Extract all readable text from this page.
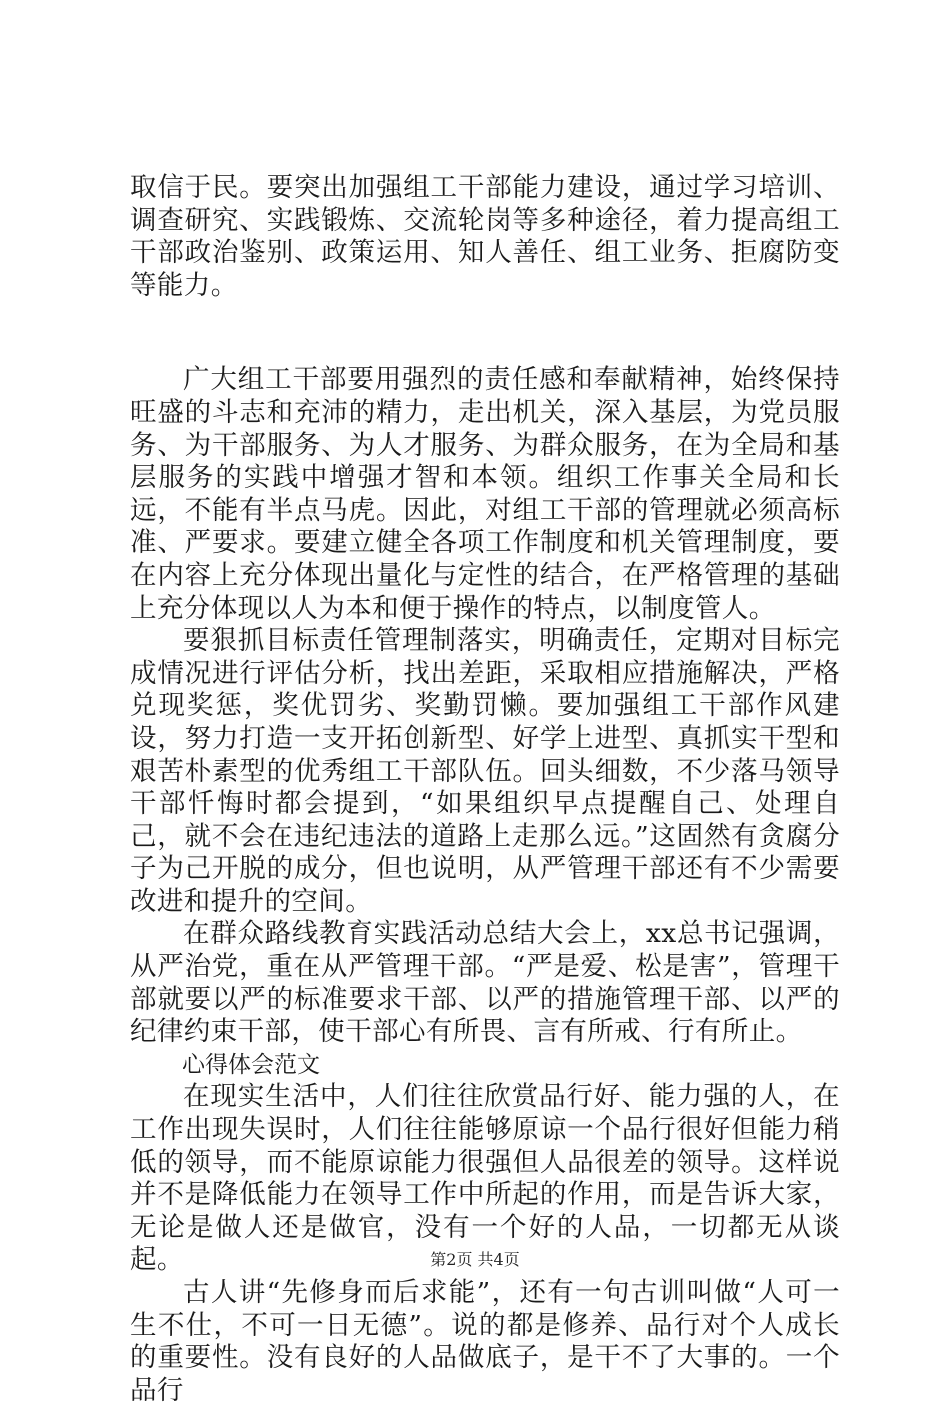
取信于民。要突出加强组工干部能力建设，通过学习培训、调查研究、实践锻炼、交流轮岗等多种途径，着力提高组工干部政治鉴别、政策运用、知人善任、组工业务、拒腐防变等能力。

广大组工干部要用强烈的责任感和奉献精神，始终保持旺盛的斗志和充沛的精力，走出机关，深入基层，为党员服务、为干部服务、为人才服务、为群众服务，在为全局和基层服务的实践中增强才智和本领。组织工作事关全局和长远，不能有半点马虎。因此，对组工干部的管理就必须高标准、严要求。要建立健全各项工作制度和机关管理制度，要在内容上充分体现出量化与定性的结合，在严格管理的基础上充分体现以人为本和便于操作的特点，以制度管人。

要狠抓目标责任管理制落实，明确责任，定期对目标完成情况进行评估分析，找出差距，采取相应措施解决，严格兑现奖惩，奖优罚劣、奖勤罚懒。要加强组工干部作风建设，努力打造一支开拓创新型、好学上进型、真抓实干型和艰苦朴素型的优秀组工干部队伍。回头细数，不少落马领导干部忏悔时都会提到，“如果组织早点提醒自己、处理自己，就不会在违纪违法的道路上走那么远。”这固然有贪腐分子为己开脱的成分，但也说明，从严管理干部还有不少需要改进和提升的空间。

在群众路线教育实践活动总结大会上，xx总书记强调，从严治党，重在从严管理干部。“严是爱、松是害”，管理干部就要以严的标准要求干部、以严的措施管理干部、以严的纪律约束干部，使干部心有所畏、言有所戒、行有所止。

心得体会范文

在现实生活中，人们往往欣赏品行好、能力强的人，在工作出现失误时，人们往往能够原谅一个品行很好但能力稍低的领导，而不能原谅能力很强但人品很差的领导。这样说并不是降低能力在领导工作中所起的作用，而是告诉大家，无论是做人还是做官，没有一个好的人品，一切都无从谈起。

古人讲“先修身而后求能”，还有一句古训叫做“人可一生不仕，不可一日无德”。说的都是修养、品行对个人成长的重要性。没有良好的人品做底子，是干不了大事的。一个品行

第2页 共4页
